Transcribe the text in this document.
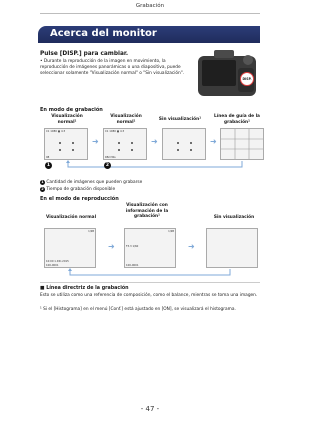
Grabación
Acerca del monitor
Pulse [DISP.] para cambiar.
• Durante la reproducción de la imagen en movimiento, la reproducción de imágenes panorámicas o una diapositiva, puede seleccionar solamente "Visualización normal" o "Sin visualización".
DISP.
En modo de grabación
Visualización normal¹
Visualización normal¹	Sin visualización¹
Línea de guía de la grabación¹
C1 1080 ▣ 4:3
98
➜
C1 1080 ▣ 4:3
R8m30s
➜	➜
1	2
1 Cantidad de imágenes que pueden grabarse
2 Tiempo de grabación disponible
En el modo de reproducción
Visualización normal
Visualización con información de la grabación¹	Sin visualización
1/98
10:00 1.DIC.2015
100-0001
➜
1/98
F3.3 1/60
100-0001
➜
■ Línea directriz de la grabación
Esto se utiliza como una referencia de composición, como el balance, mientras se toma una imagen.
¹ Si el [Histograma] en el menú [Conf.] está ajustado en [ON], se visualizará el histograma.
- 47 -
